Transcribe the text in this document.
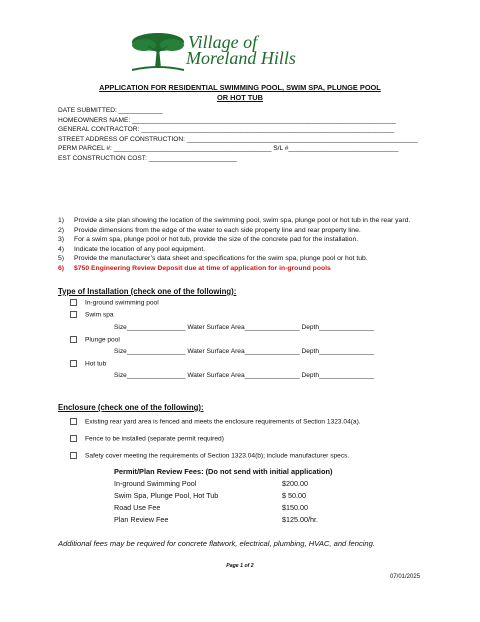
Village of
Moreland Hills
APPLICATION FOR RESIDENTIAL SWIMMING POOL, SWIM SPA, PLUNGE POOL
OR HOT TUB
DATE SUBMITTED: ____________
HOMEOWNERS NAME: ________________________________________________________________________
GENERAL CONTRACTOR: _____________________________________________________________________
STREET ADDRESS OF CONSTRUCTION: _______________________________________________________________
PERM PARCEL #: ___________________________________________ S/L #______________________________
EST CONSTRUCTION COST: ________________________
1)	Provide a site plan showing the location of the swimming pool, swim spa, plunge pool or hot tub in the rear yard.
2)	Provide dimensions from the edge of the water to each side property line and rear property line.
3)	For a swim spa, plunge pool or hot tub, provide the size of the concrete pad for the installation.
4)	Indicate the location of any pool equipment.
5)	Provide the manufacturer’s data sheet and specifications for the swim spa, plunge pool or hot tub.
6)	$750 Engineering Review Deposit due at time of application for in-ground pools
Type of Installation (check one of the following):
In-ground swimming pool
Swim spa
Size________________ Water Surface Area_______________ Depth_______________
Plunge pool
Size________________ Water Surface Area_______________ Depth_______________
Hot tub
Size________________ Water Surface Area_______________ Depth_______________
Enclosure (check one of the following):
Existing rear yard area is fenced and meets the enclosure requirements of Section 1323.04(a).
Fence to be installed (separate permit required)
Safety cover meeting the requirements of Section 1323.04(b); include manufacturer specs.
Permit/Plan Review Fees: (Do not send with initial application)
In-ground Swimming Pool	$200.00
Swim Spa, Plunge Pool, Hot Tub	$ 50.00
Road Use Fee	$150.00
Plan Review Fee	$125.00/hr.
Additional fees may be required for concrete flatwork, electrical, plumbing, HVAC, and fencing.
Page 1 of 2
07/01/2025
